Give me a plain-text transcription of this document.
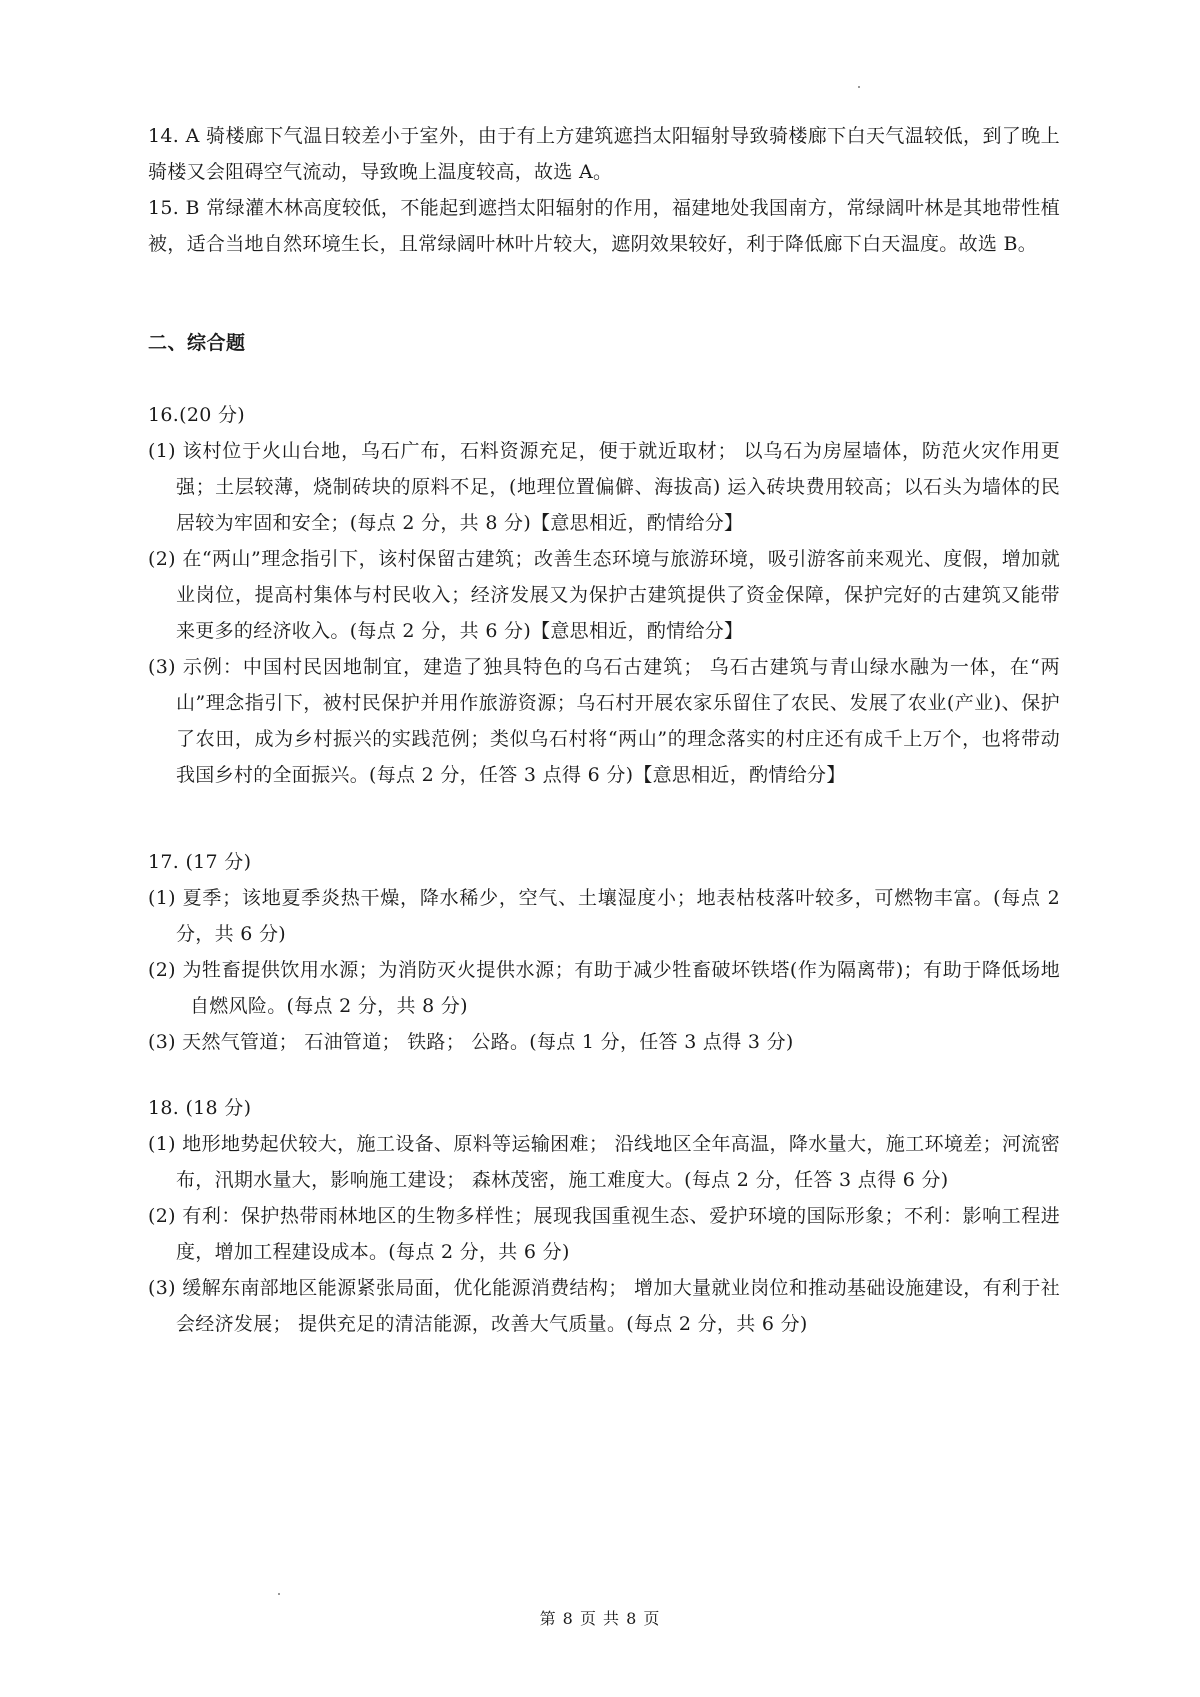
14. A 骑楼廊下气温日较差小于室外，由于有上方建筑遮挡太阳辐射导致骑楼廊下白天气温较低，到了晚上骑楼又会阻碍空气流动，导致晚上温度较高，故选 A。

15. B 常绿灌木林高度较低，不能起到遮挡太阳辐射的作用，福建地处我国南方，常绿阔叶林是其地带性植被，适合当地自然环境生长，且常绿阔叶林叶片较大，遮阴效果较好，利于降低廊下白天温度。故选 B。

二、综合题

16.(20 分)

(1) 该村位于火山台地，乌石广布，石料资源充足，便于就近取材； 以乌石为房屋墙体，防范火灾作用更强；土层较薄，烧制砖块的原料不足，(地理位置偏僻、海拔高) 运入砖块费用较高；以石头为墙体的民居较为牢固和安全；(每点 2 分，共 8 分)【意思相近，酌情给分】

(2) 在“两山”理念指引下，该村保留古建筑；改善生态环境与旅游环境，吸引游客前来观光、度假，增加就业岗位，提高村集体与村民收入；经济发展又为保护古建筑提供了资金保障，保护完好的古建筑又能带来更多的经济收入。(每点 2 分，共 6 分)【意思相近，酌情给分】

(3) 示例：中国村民因地制宜，建造了独具特色的乌石古建筑； 乌石古建筑与青山绿水融为一体，在“两山”理念指引下，被村民保护并用作旅游资源；乌石村开展农家乐留住了农民、发展了农业(产业)、保护了农田，成为乡村振兴的实践范例；类似乌石村将“两山”的理念落实的村庄还有成千上万个，也将带动我国乡村的全面振兴。(每点 2 分，任答 3 点得 6 分)【意思相近，酌情给分】

17. (17 分)

(1) 夏季；该地夏季炎热干燥，降水稀少，空气、土壤湿度小；地表枯枝落叶较多，可燃物丰富。(每点 2 分，共 6 分)

(2) 为牲畜提供饮用水源；为消防灭火提供水源；有助于减少牲畜破坏铁塔(作为隔离带)；有助于降低场地自燃风险。(每点 2 分，共 8 分)

(3) 天然气管道； 石油管道； 铁路； 公路。(每点 1 分，任答 3 点得 3 分)

18. (18 分)

(1) 地形地势起伏较大，施工设备、原料等运输困难； 沿线地区全年高温，降水量大，施工环境差；河流密布，汛期水量大，影响施工建设； 森林茂密，施工难度大。(每点 2 分，任答 3 点得 6 分)

(2) 有利：保护热带雨林地区的生物多样性；展现我国重视生态、爱护环境的国际形象；不利：影响工程进度，增加工程建设成本。(每点 2 分，共 6 分)

(3) 缓解东南部地区能源紧张局面，优化能源消费结构； 增加大量就业岗位和推动基础设施建设，有利于社会经济发展； 提供充足的清洁能源，改善大气质量。(每点 2 分，共 6 分)

第 8 页 共 8 页
